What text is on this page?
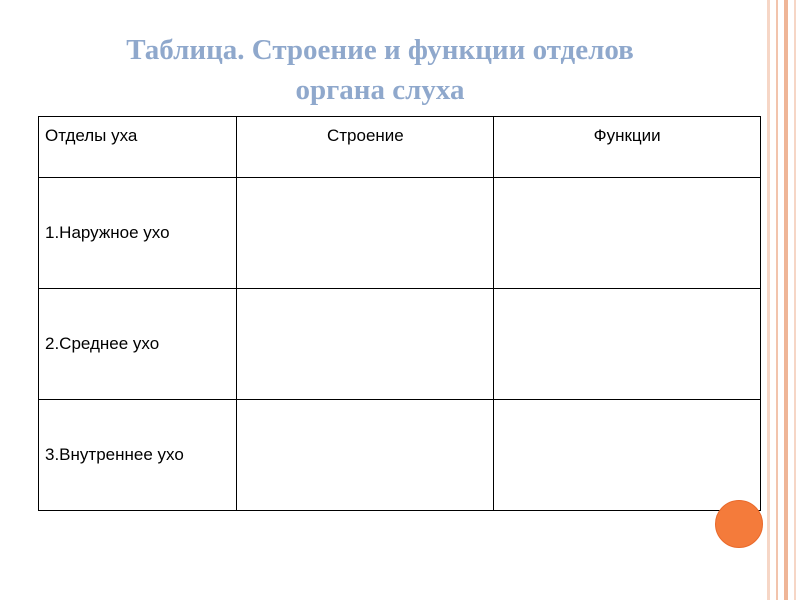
Таблица. Строение и функции отделов
органа слуха
Отделы уха	Строение	Функции
1.Наружное ухо		
2.Среднее ухо		
3.Внутреннее ухо		
